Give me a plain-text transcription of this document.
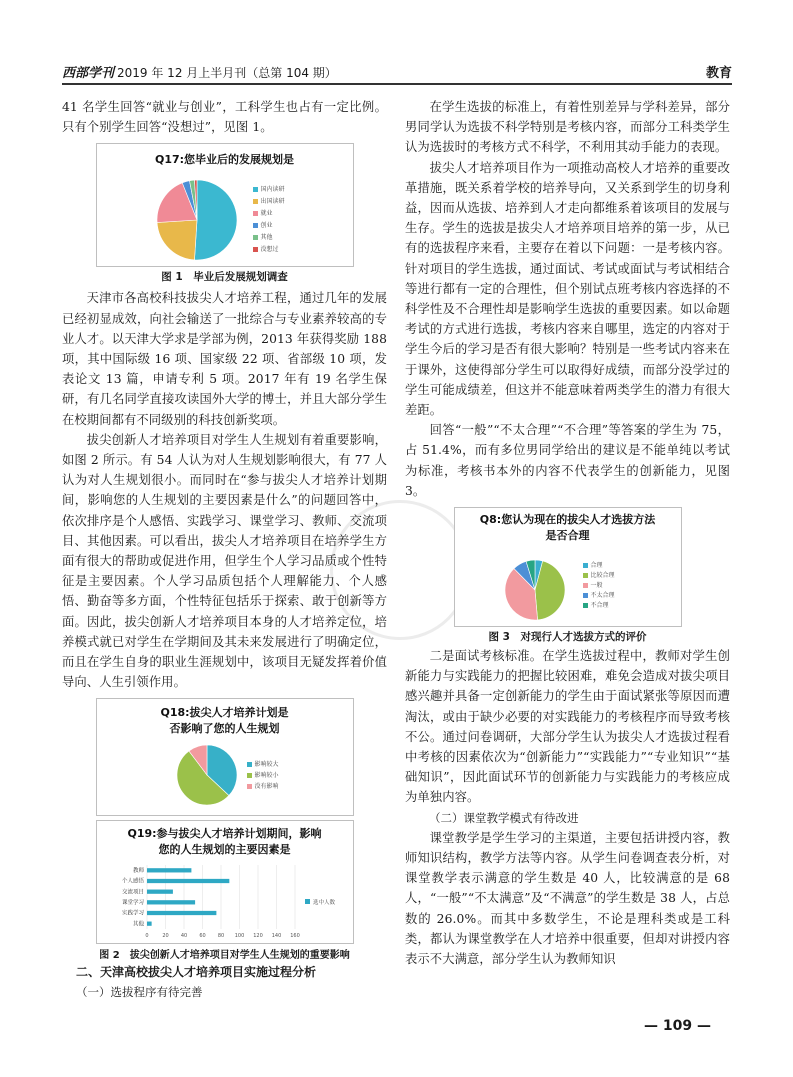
西部学刊 2019 年 12 月上半月刊（总第 104 期）	教育

41 名学生回答“就业与创业”，工科学生也占有一定比例。只有个别学生回答“没想过”，见图 1。

Q17:您毕业后的发展规划是
国内读研
出国读研
就业
创业
其他
没想过
图 1　毕业后发展规划调查

天津市各高校科技拔尖人才培养工程，通过几年的发展已经初显成效，向社会输送了一批综合与专业素养较高的专业人才。以天津大学求是学部为例，2013 年获得奖励 188 项，其中国际级 16 项、国家级 22 项、省部级 10 项，发表论文 13 篇，申请专利 5 项。2017 年有 19 名学生保研，有几名同学直接攻读国外大学的博士，并且大部分学生在校期间都有不同级别的科技创新奖项。

拔尖创新人才培养项目对学生人生规划有着重要影响，如图 2 所示。有 54 人认为对人生规划影响很大，有 77 人认为对人生规划很小。而同时在“参与拔尖人才培养计划期间，影响您的人生规划的主要因素是什么”的问题回答中，依次排序是个人感悟、实践学习、课堂学习、教师、交流项目、其他因素。可以看出，拔尖人才培养项目在培养学生方面有很大的帮助或促进作用，但学生个人学习品质或个性特征是主要因素。个人学习品质包括个人理解能力、个人感悟、勤奋等多方面，个性特征包括乐于探索、敢于创新等方面。因此，拔尖创新人才培养项目本身的人才培养定位，培养模式就已对学生在学期间及其未来发展进行了明确定位，而且在学生自身的职业生涯规划中，该项目无疑发挥着价值导向、人生引领作用。

Q18:拔尖人才培养计划是否影响了您的人生规划
影响较大
影响较小
没有影响
Q19:参与拔尖人才培养计划期间，影响您的人生规划的主要因素是
0	20 40 60 80 100 120 140 160
教师
个人感悟
交流项目
课堂学习
实践学习
其他
选中人数
图 2　拔尖创新人才培养项目对学生人生规划的重要影响
二、天津高校拔尖人才培养项目实施过程分析
（一）选拔程序有待完善

在学生选拔的标准上，有着性别差异与学科差异，部分男同学认为选拔不科学特别是考核内容，而部分工科类学生认为选拔时的考核方式不科学，不利用其动手能力的表现。

拔尖人才培养项目作为一项推动高校人才培养的重要改革措施，既关系着学校的培养导向，又关系到学生的切身利益，因而从选拔、培养到人才走向都维系着该项目的发展与生存。学生的选拔是拔尖人才培养项目培养的第一步，从已有的选拔程序来看，主要存在着以下问题：一是考核内容。针对项目的学生选拔，通过面试、考试或面试与考试相结合等进行都有一定的合理性，但个别试点班考核内容选择的不科学性及不合理性却是影响学生选拔的重要因素。如以命题考试的方式进行选拔，考核内容来自哪里，选定的内容对于学生今后的学习是否有很大影响？特别是一些考试内容来在于课外，这使得部分学生可以取得好成绩，而部分没学过的学生可能成绩差，但这并不能意味着两类学生的潜力有很大差距。

回答“一般”“不太合理”“不合理”等答案的学生为 75，占 51.4%，而有多位男同学给出的建议是不能单纯以考试为标准，考核书本外的内容不代表学生的创新能力，见图 3。

Q8:您认为现在的拔尖人才选拔方法是否合理
合理
比较合理
一般
不太合理
不合理
图 3　对现行人才选拔方式的评价

二是面试考核标准。在学生选拔过程中，教师对学生创新能力与实践能力的把握比较困难，难免会造成对拔尖项目感兴趣并具备一定创新能力的学生由于面试紧张等原因而遭淘汰，或由于缺少必要的对实践能力的考核程序而导致考核不公。通过问卷调研，大部分学生认为拔尖人才选拔过程看中考核的因素依次为“创新能力”“实践能力”“专业知识”“基础知识”，因此面试环节的创新能力与实践能力的考核应成为单独内容。

（二）课堂教学模式有待改进

课堂教学是学生学习的主渠道，主要包括讲授内容，教师知识结构，教学方法等内容。从学生问卷调查表分析，对课堂教学表示满意的学生数是 40 人，比较满意的是 68 人，“一般”“不太满意”及“不满意”的学生数是 38 人，占总数的 26.0%。而其中多数学生，不论是理科类或是工科类，都认为课堂教学在人才培养中很重要，但却对讲授内容表示不大满意，部分学生认为教师知识

— 109 —
